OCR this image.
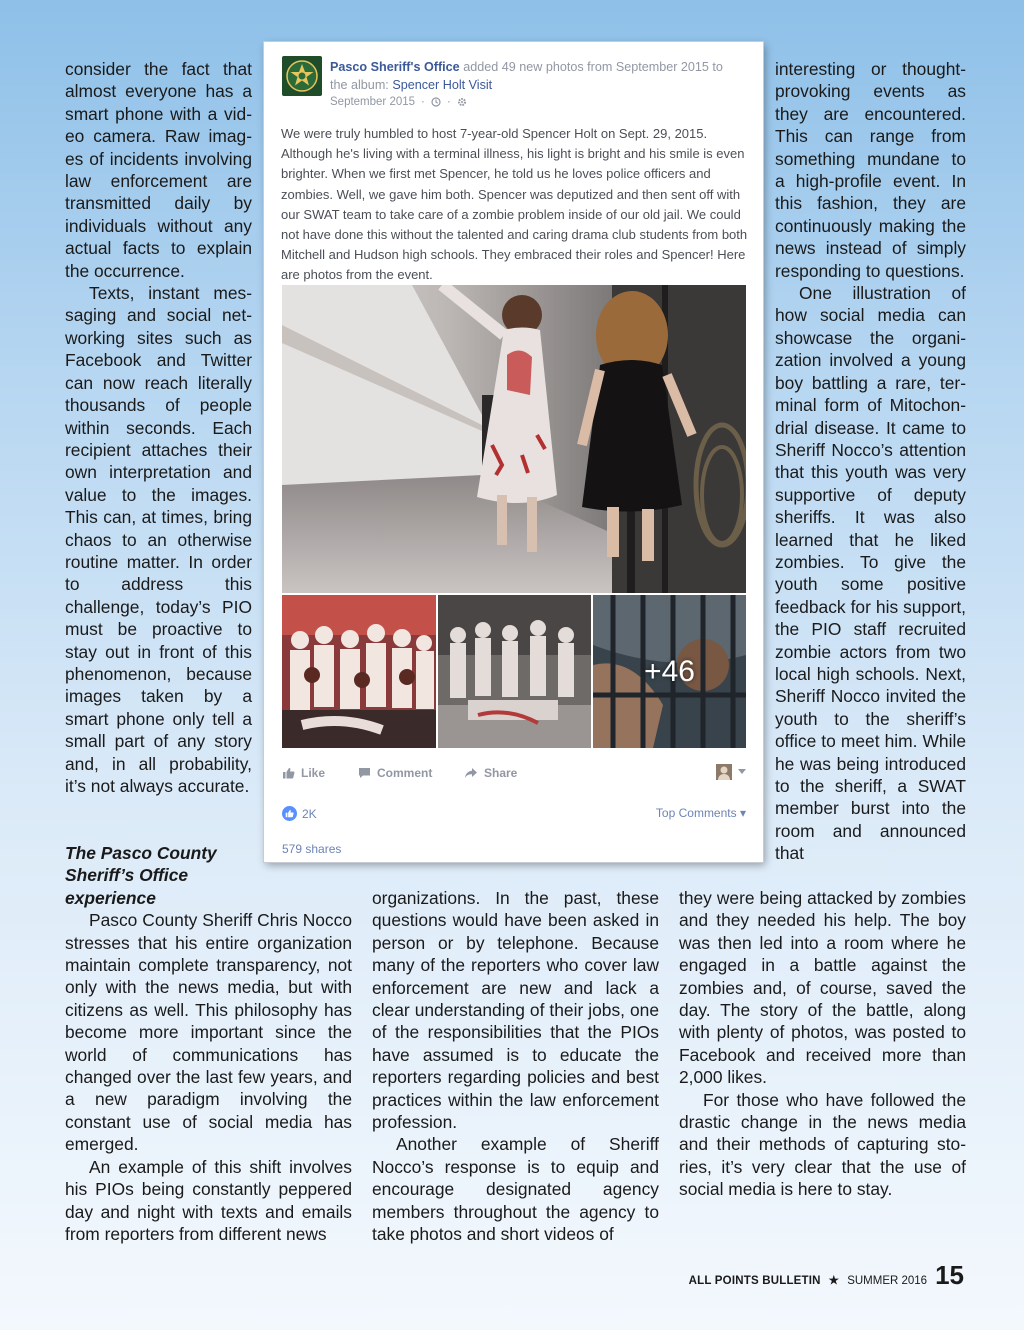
consider the fact that almost everyone has a smart phone with a video camera. Raw images of incidents involving law enforcement are transmitted daily by individuals without any actual facts to explain the occurrence.

Texts, instant messaging and social networking sites such as Facebook and Twitter can now reach literally thousands of people within seconds. Each recipient attaches their own interpretation and value to the images. This can, at times, bring chaos to an otherwise routine matter. In order to address this challenge, today’s PIO must be proactive to stay out in front of this phenomenon, because images taken by a smart phone only tell a small part of any story and, in all probability, it’s not always accurate.

The Pasco County Sheriff’s Office experience

Pasco County Sheriff Chris Nocco stresses that his entire organization maintain complete transparency, not only with the news media, but with citizens as well. This philosophy has become more important since the world of communications has changed over the last few years, and a new paradigm involving the constant use of social media has emerged.

An example of this shift involves his PIOs being constantly peppered day and night with texts and emails from reporters from different news

organizations. In the past, these questions would have been asked in person or by telephone. Because many of the reporters who cover law enforcement are new and lack a clear understanding of their jobs, one of the responsibilities that the PIOs have assumed is to educate the reporters regarding policies and best practices within the law enforcement profession.

Another example of Sheriff Nocco’s response is to equip and encourage designated agency members throughout the agency to take photos and short videos of

interesting or thought-provoking events as they are encountered. This can range from something mundane to a high-profile event. In this fashion, they are continuously making the news instead of simply responding to questions.

One illustration of how social media can showcase the organization involved a young boy battling a rare, terminal form of Mitochondrial disease. It came to Sheriff Nocco’s attention that this youth was very supportive of deputy sheriffs. It was also learned that he liked zombies. To give the youth some positive feedback for his support, the PIO staff recruited zombie actors from two local high schools. Next, Sheriff Nocco invited the youth to the sheriff’s office to meet him. While he was being introduced to the sheriff, a SWAT member burst into the room and announced that

they were being attacked by zombies and they needed his help. The boy was then led into a room where he engaged in a battle against the zombies and, of course, saved the day. The story of the battle, along with plenty of photos, was posted to Facebook and received more than 2,000 likes.

For those who have followed the drastic change in the news media and their methods of capturing stories, it’s very clear that the use of social media is here to stay.

Pasco Sheriff's Office added 49 new photos from September 2015 to the album: Spencer Holt Visit
September 2015 · ·
We were truly humbled to host 7-year-old Spencer Holt on Sept. 29, 2015. Although he's living with a terminal illness, his light is bright and his smile is even brighter. When we first met Spencer, he told us he loves police officers and zombies. Well, we gave him both. Spencer was deputized and then sent off with our SWAT team to take care of a zombie problem inside of our old jail. We could not have done this without the talented and caring drama club students from both Mitchell and Hudson high schools. They embraced their roles and Spencer! Here are photos from the event.
+46
Like	Comment	Share
2K	Top Comments ▾
579 shares
ALL POINTS BULLETIN ★ SUMMER 2016 15
